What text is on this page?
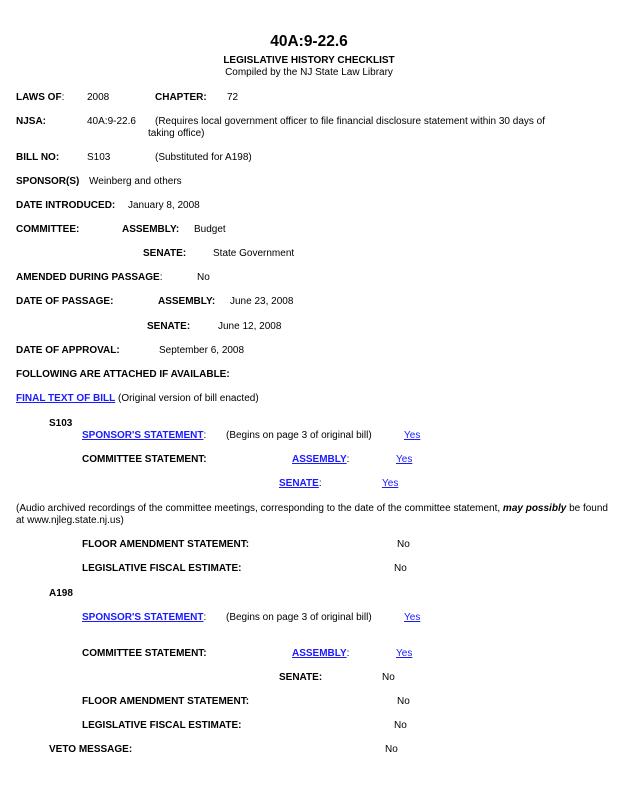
40A:9-22.6
LEGISLATIVE HISTORY CHECKLIST
Compiled by the NJ State Law Library
LAWS OF: 2008	CHAPTER: 72
NJSA:	40A:9-22.6 (Requires local government officer to file financial disclosure statement within 30 days of
taking office)
BILL NO:	S103	(Substituted for A198)
SPONSOR(S) Weinberg and others
DATE INTRODUCED: January 8, 2008
COMMITTEE:	ASSEMBLY: Budget
SENATE:	State Government
AMENDED DURING PASSAGE:	No
DATE OF PASSAGE:	ASSEMBLY: June 23, 2008
SENATE:	June 12, 2008
DATE OF APPROVAL:	September 6, 2008
FOLLOWING ARE ATTACHED IF AVAILABLE:
FINAL TEXT OF BILL (Original version of bill enacted)
S103
SPONSOR'S STATEMENT: (Begins on page 3 of original bill)	Yes
COMMITTEE STATEMENT:	ASSEMBLY:	Yes
SENATE:	Yes
(Audio archived recordings of the committee meetings, corresponding to the date of the committee statement, may possibly be found
at www.njleg.state.nj.us)
FLOOR AMENDMENT STATEMENT:	No
LEGISLATIVE FISCAL ESTIMATE:	No
A198
SPONSOR'S STATEMENT: (Begins on page 3 of original bill)	Yes
COMMITTEE STATEMENT:	ASSEMBLY:	Yes
SENATE:	No
FLOOR AMENDMENT STATEMENT:	No
LEGISLATIVE FISCAL ESTIMATE:	No
VETO MESSAGE:	No
